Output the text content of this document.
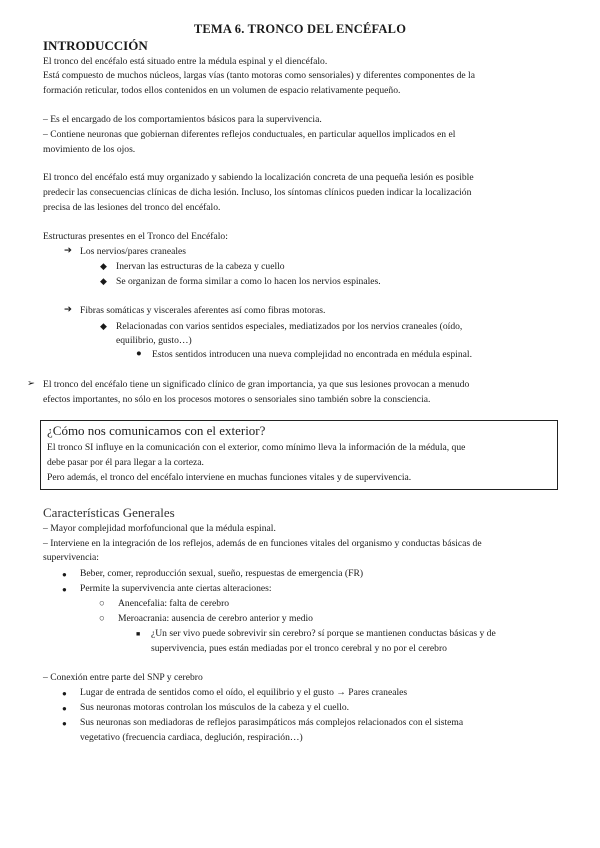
TEMA 6. TRONCO DEL ENCÉFALO
INTRODUCCIÓN
El tronco del encéfalo está situado entre la médula espinal y el diencéfalo.
Está compuesto de muchos núcleos, largas vías (tanto motoras como sensoriales) y diferentes componentes de la
formación reticular, todos ellos contenidos en un volumen de espacio relativamente pequeño.
– Es el encargado de los comportamientos básicos para la supervivencia.
– Contiene neuronas que gobiernan diferentes reflejos conductuales, en particular aquellos implicados en el
movimiento de los ojos.
El tronco del encéfalo está muy organizado y sabiendo la localización concreta de una pequeña lesión es posible
predecir las consecuencias clínicas de dicha lesión. Incluso, los síntomas clínicos pueden indicar la localización
precisa de las lesiones del tronco del encéfalo.
Estructuras presentes en el Tronco del Encéfalo:
➔ Los nervios/pares craneales
◆ Inervan las estructuras de la cabeza y cuello
◆ Se organizan de forma similar a como lo hacen los nervios espinales.
➔ Fibras somáticas y viscerales aferentes así como fibras motoras.
◆ Relacionadas con varios sentidos especiales, mediatizados por los nervios craneales (oído,
equilibrio, gusto…)
● Estos sentidos introducen una nueva complejidad no encontrada en médula espinal.
➢ El tronco del encéfalo tiene un significado clínico de gran importancia, ya que sus lesiones provocan a menudo
efectos importantes, no sólo en los procesos motores o sensoriales sino también sobre la consciencia.
¿Cómo nos comunicamos con el exterior?
El tronco SI influye en la comunicación con el exterior, como mínimo lleva la información de la médula, que
debe pasar por él para llegar a la corteza.
Pero además, el tronco del encéfalo interviene en muchas funciones vitales y de supervivencia.
Características Generales
– Mayor complejidad morfofuncional que la médula espinal.
– Interviene en la integración de los reflejos, además de en funciones vitales del organismo y conductas básicas de
supervivencia:
● Beber, comer, reproducción sexual, sueño, respuestas de emergencia (FR)
● Permite la supervivencia ante ciertas alteraciones:
○ Anencefalia: falta de cerebro
○ Meroacrania: ausencia de cerebro anterior y medio
■ ¿Un ser vivo puede sobrevivir sin cerebro? sí porque se mantienen conductas básicas y de
supervivencia, pues están mediadas por el tronco cerebral y no por el cerebro
– Conexión entre parte del SNP y cerebro
● Lugar de entrada de sentidos como el oído, el equilibrio y el gusto → Pares craneales
● Sus neuronas motoras controlan los músculos de la cabeza y el cuello.
● Sus neuronas son mediadoras de reflejos parasimpáticos más complejos relacionados con el sistema
vegetativo (frecuencia cardiaca, deglución, respiración…)
